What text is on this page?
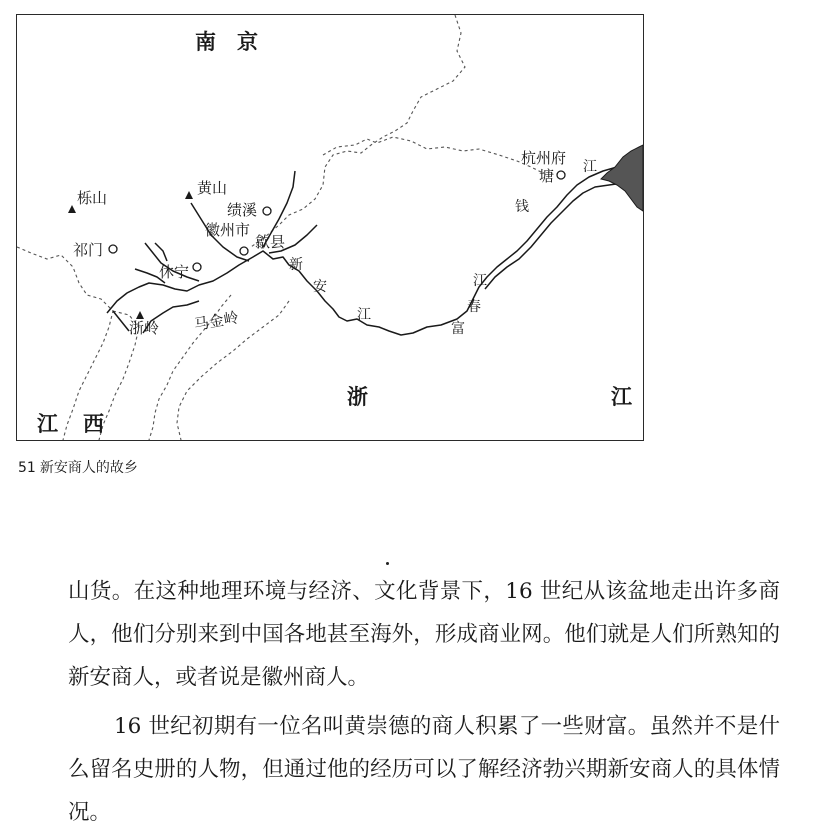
南　京
浙	江
江 西
栎山
黄山
绩溪
徽州市
歙县
祁门
休宁
浙岭 马金岭
杭州府
塘
新
安
江
钱
江
江
春
富
51 新安商人的故乡

山货。在这种地理环境与经济、文化背景下，16 世纪从该盆地走出许多商人，他们分别来到中国各地甚至海外，形成商业网。他们就是人们所熟知的新安商人，或者说是徽州商人。

16 世纪初期有一位名叫黄崇德的商人积累了一些财富。虽然并不是什么留名史册的人物，但通过他的经历可以了解经济勃兴期新安商人的具体情况。
